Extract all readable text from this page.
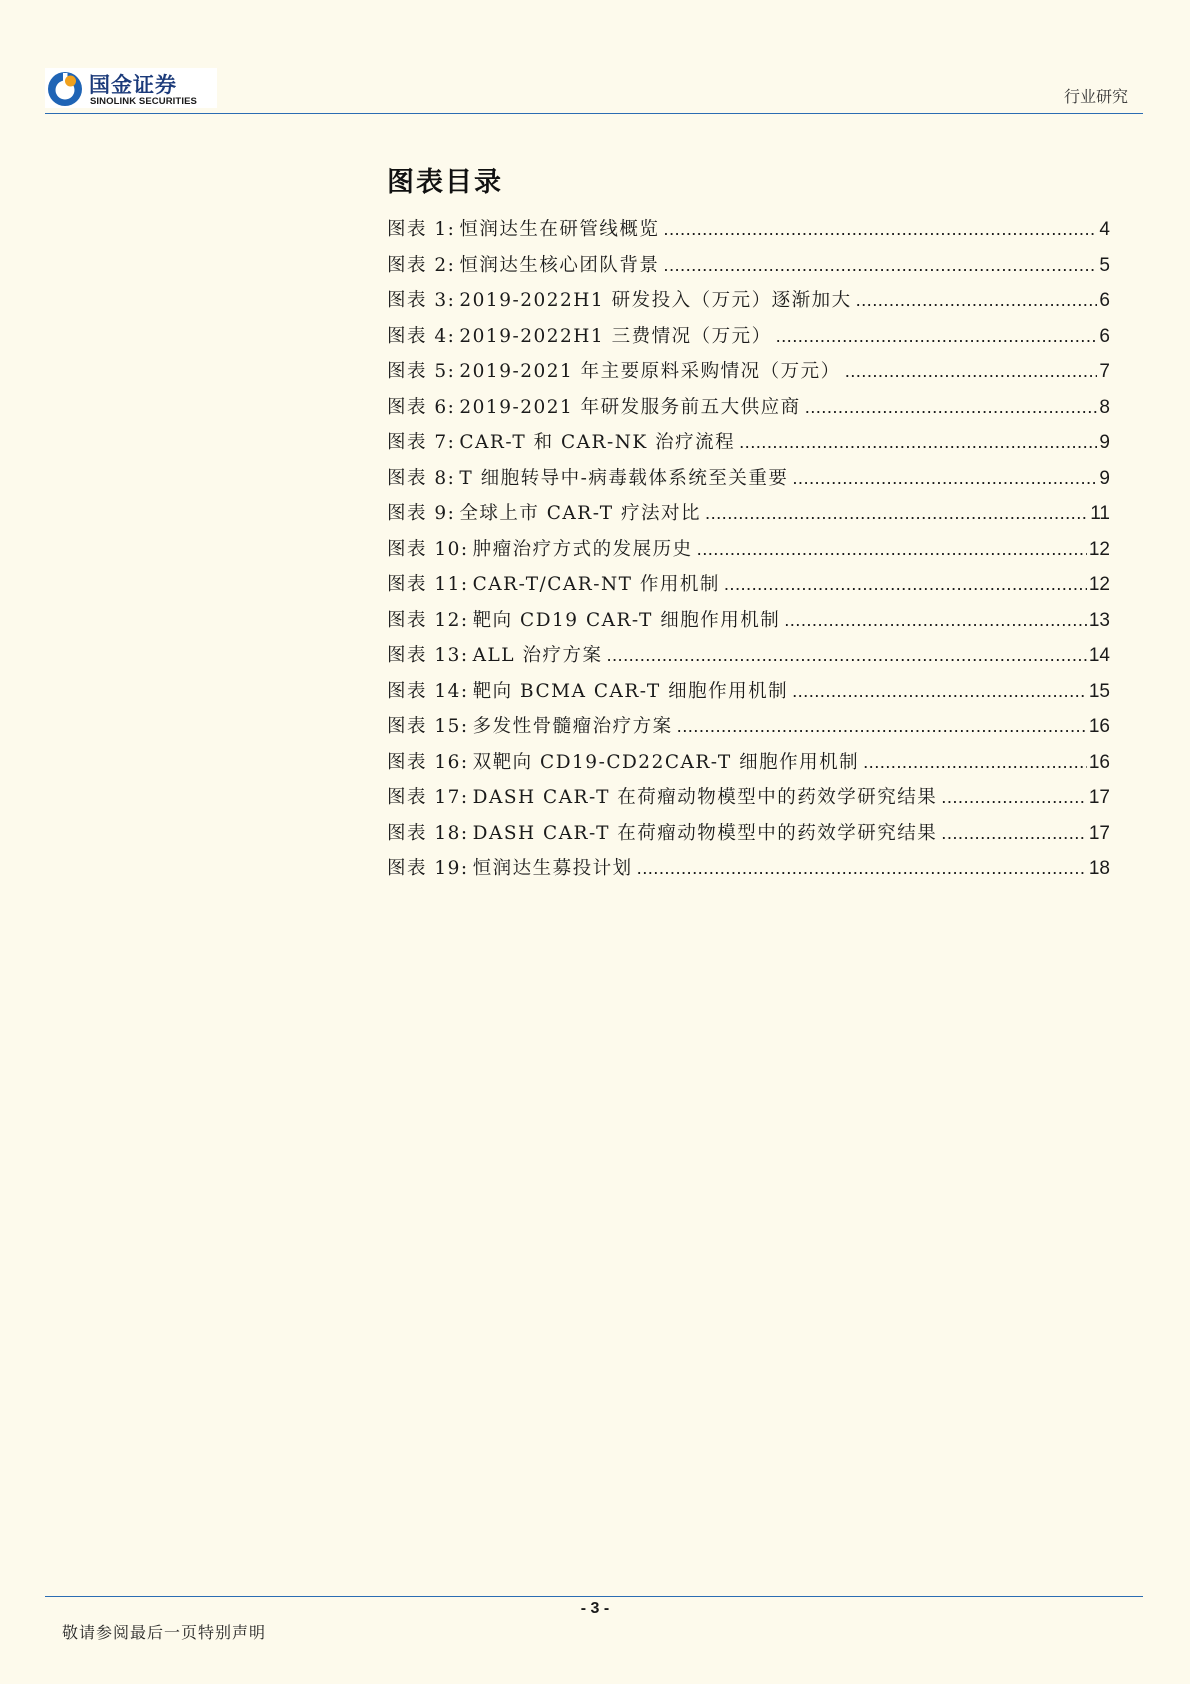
国金证券
SINOLINK SECURITIES	行业研究
图表目录
图表 1: 恒润达生在研管线概览 .....	4
图表 2: 恒润达生核心团队背景 .....	5
图表 3: 2019-2022H1 研发投入（万元）逐渐加大 .....	6
图表 4: 2019-2022H1 三费情况（万元） .....	6
图表 5: 2019-2021 年主要原料采购情况（万元） .....	7
图表 6: 2019-2021 年研发服务前五大供应商 .....	8
图表 7: CAR-T 和 CAR-NK 治疗流程 .....	9
图表 8: T 细胞转导中-病毒载体系统至关重要 .....	9
图表 9: 全球上市 CAR-T 疗法对比 .....	11
图表 10: 肿瘤治疗方式的发展历史 .....	12
图表 11: CAR-T/CAR-NT 作用机制 .....	12
图表 12: 靶向 CD19 CAR-T 细胞作用机制 .....	13
图表 13: ALL 治疗方案 .....	14
图表 14: 靶向 BCMA CAR-T 细胞作用机制 .....	15
图表 15: 多发性骨髓瘤治疗方案 .....	16
图表 16: 双靶向 CD19-CD22CAR-T 细胞作用机制 .....	16
图表 17: DASH CAR-T 在荷瘤动物模型中的药效学研究结果 .....	17
图表 18: DASH CAR-T 在荷瘤动物模型中的药效学研究结果 .....	17
图表 19: 恒润达生募投计划 .....	18
- 3 -
敬请参阅最后一页特别声明
